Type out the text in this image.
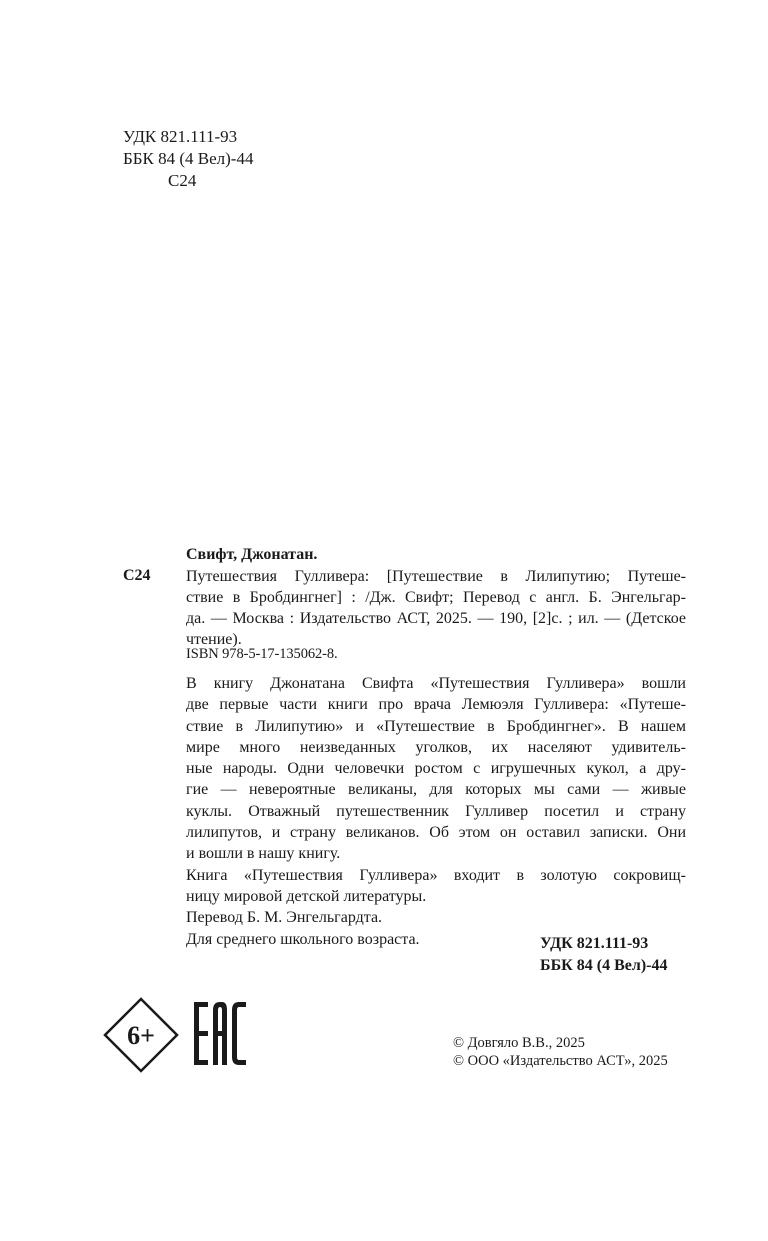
УДК 821.111-93
ББК 84 (4 Вел)-44
С24
Свифт, Джонатан.
С24 Путешествия Гулливера: [Путешествие в Лилипутию; Путеше-
ствие в Бробдингнег] : /Дж. Свифт; Перевод с англ. Б. Энгельгар-
да. — Москва : Издательство АСТ, 2025. — 190, [2]с. ; ил. — (Детское
чтение).
ISBN 978-5-17-135062-8.
В книгу Джонатана Свифта «Путешествия Гулливера» вошли
две первые части книги про врача Лемюэля Гулливера: «Путеше-
ствие в Лилипутию» и «Путешествие в Бробдингнег». В нашем
мире много неизведанных уголков, их населяют удивитель-
ные народы. Одни человечки ростом с игрушечных кукол, а дру-
гие — невероятные великаны, для которых мы сами — живые
куклы. Отважный путешественник Гулливер посетил и страну
лилипутов, и страну великанов. Об этом он оставил записки. Они
и вошли в нашу книгу.
Книга «Путешествия Гулливера» входит в золотую сокровищ-
ницу мировой детской литературы.
Перевод Б. М. Энгельгардта.
Для среднего школьного возраста.	УДК 821.111-93
ББК 84 (4 Вел)-44
6+	© Довгяло В.В., 2025
© ООО «Издательство АСТ», 2025
